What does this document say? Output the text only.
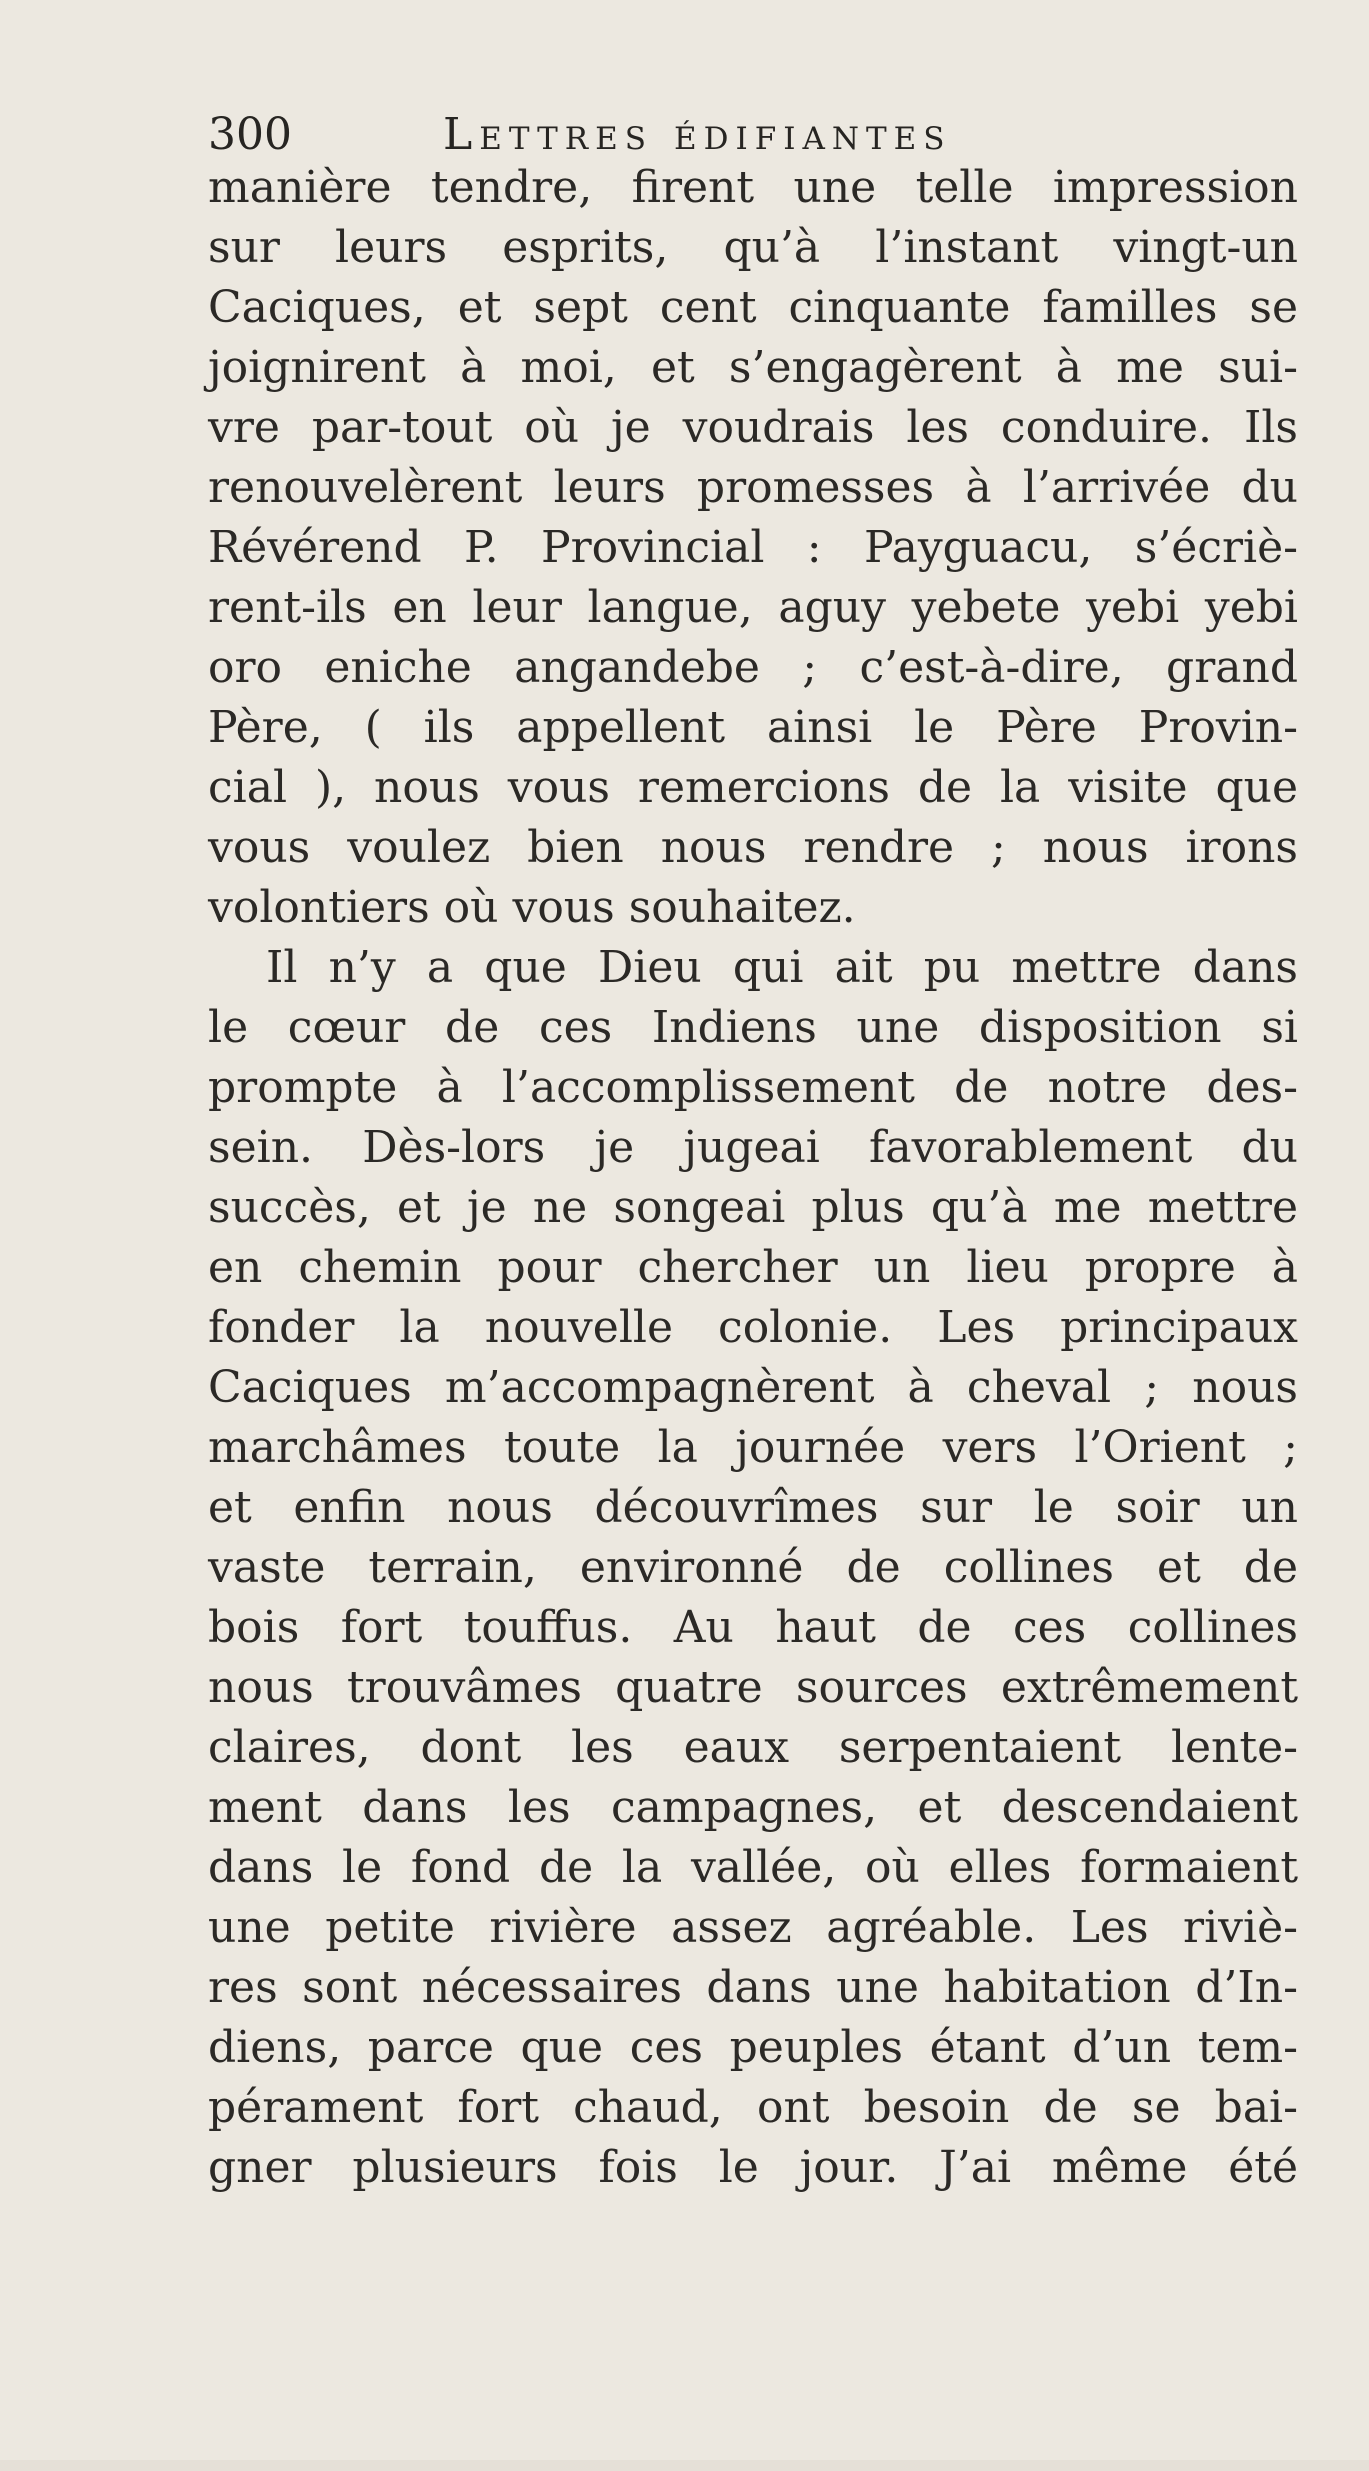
300	Lettres édifiantes
manière tendre, firent une telle impression
sur leurs esprits, qu’à l’instant vingt-un
Caciques, et sept cent cinquante familles se
joignirent à moi, et s’engagèrent à me sui-
vre par-tout où je voudrais les conduire. Ils
renouvelèrent leurs promesses à l’arrivée du
Révérend P. Provincial : Payguacu, s’écriè-
rent-ils en leur langue, aguy yebete yebi yebi
oro eniche angandebe ; c’est-à-dire, grand
Père, ( ils appellent ainsi le Père Provin-
cial ), nous vous remercions de la visite que
vous voulez bien nous rendre ; nous irons
volontiers où vous souhaitez.
Il n’y a que Dieu qui ait pu mettre dans
le cœur de ces Indiens une disposition si
prompte à l’accomplissement de notre des-
sein. Dès-lors je jugeai favorablement du
succès, et je ne songeai plus qu’à me mettre
en chemin pour chercher un lieu propre à
fonder la nouvelle colonie. Les principaux
Caciques m’accompagnèrent à cheval ; nous
marchâmes toute la journée vers l’Orient ;
et enfin nous découvrîmes sur le soir un
vaste terrain, environné de collines et de
bois fort touffus. Au haut de ces collines
nous trouvâmes quatre sources extrêmement
claires, dont les eaux serpentaient lente-
ment dans les campagnes, et descendaient
dans le fond de la vallée, où elles formaient
une petite rivière assez agréable. Les riviè-
res sont nécessaires dans une habitation d’In-
diens, parce que ces peuples étant d’un tem-
pérament fort chaud, ont besoin de se bai-
gner plusieurs fois le jour. J’ai même été
